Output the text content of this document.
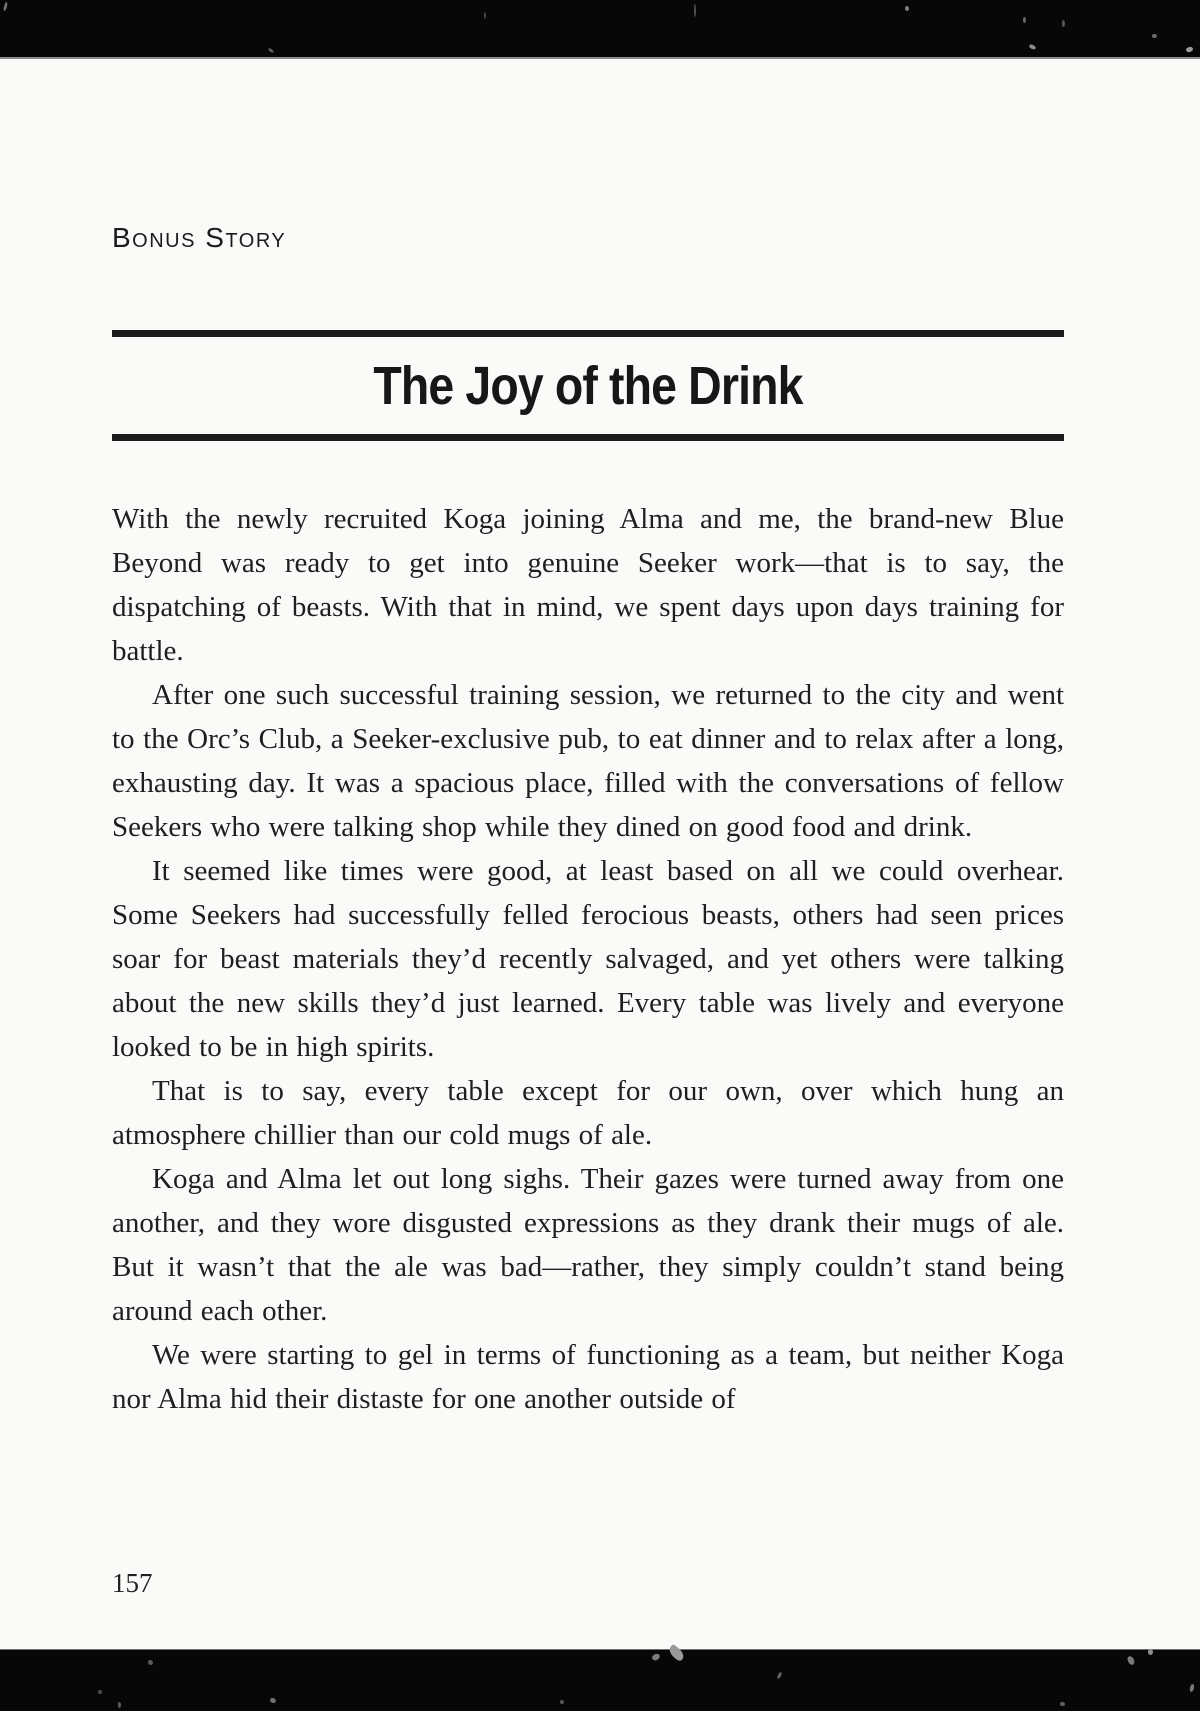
Bonus Story
The Joy of the Drink

With the newly recruited Koga joining Alma and me, the brand-new Blue Beyond was ready to get into genuine Seeker work—that is to say, the dispatching of beasts. With that in mind, we spent days upon days training for battle.

After one such successful training session, we returned to the city and went to the Orc’s Club, a Seeker-exclusive pub, to eat dinner and to relax after a long, exhausting day. It was a spacious place, filled with the conversations of fellow Seekers who were talking shop while they dined on good food and drink.

It seemed like times were good, at least based on all we could overhear. Some Seekers had successfully felled ferocious beasts, others had seen prices soar for beast materials they’d recently salvaged, and yet others were talking about the new skills they’d just learned. Every table was lively and everyone looked to be in high spirits.

That is to say, every table except for our own, over which hung an atmosphere chillier than our cold mugs of ale.

Koga and Alma let out long sighs. Their gazes were turned away from one another, and they wore disgusted expressions as they drank their mugs of ale. But it wasn’t that the ale was bad—rather, they simply couldn’t stand being around each other.

We were starting to gel in terms of functioning as a team, but neither Koga nor Alma hid their distaste for one another outside of

157
